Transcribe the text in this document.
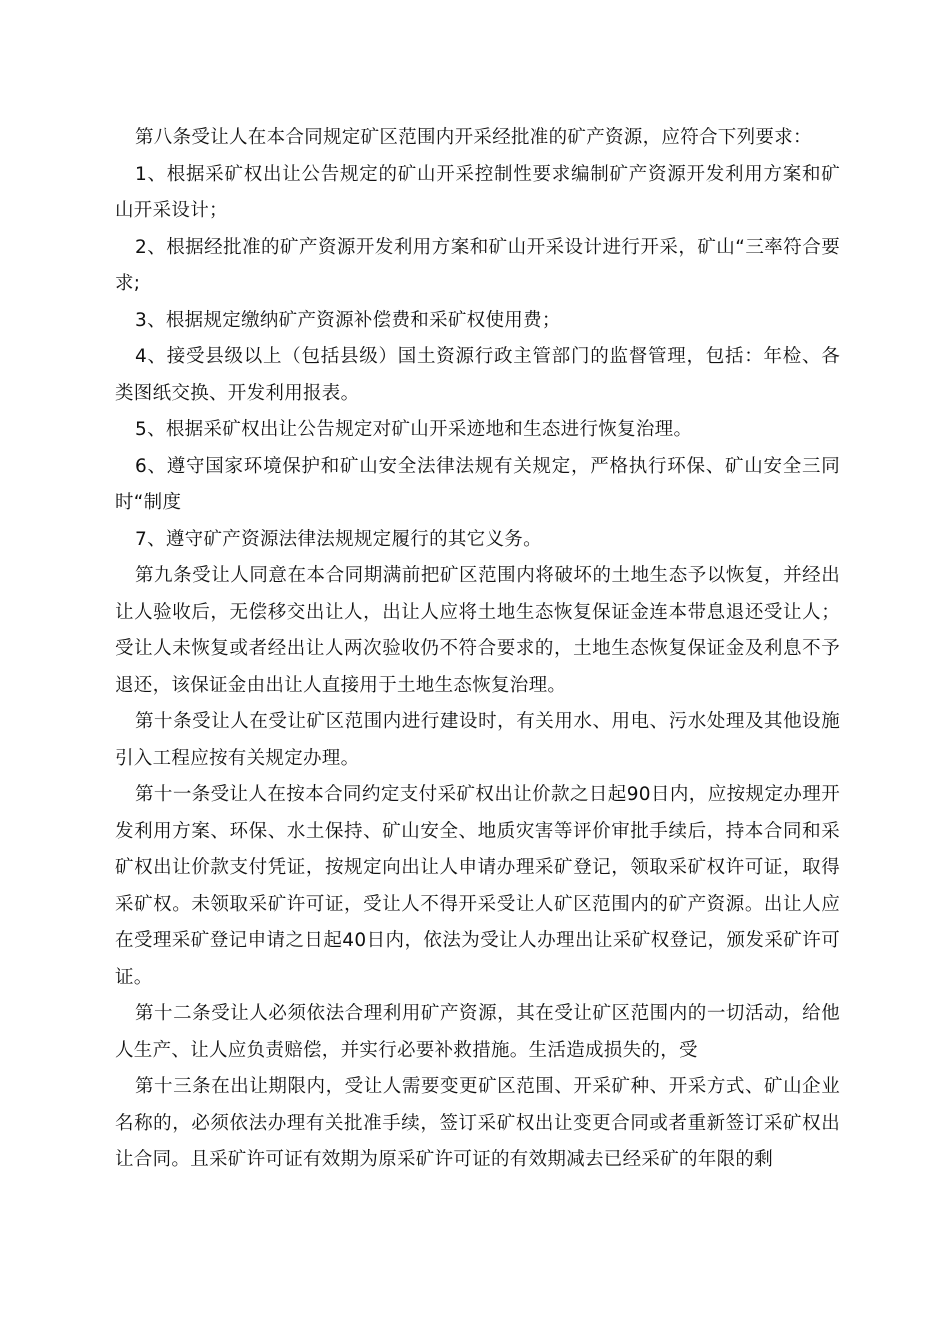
第八条受让人在本合同规定矿区范围内开采经批准的矿产资源，应符合下列要求：

1、根据采矿权出让公告规定的矿山开采控制性要求编制矿产资源开发利用方案和矿山开采设计；

2、根据经批准的矿产资源开发利用方案和矿山开采设计进行开采，矿山“三率符合要求;

3、根据规定缴纳矿产资源补偿费和采矿权使用费；

4、接受县级以上（包括县级）国土资源行政主管部门的监督管理，包括：年检、各类图纸交换、开发利用报表。

5、根据采矿权出让公告规定对矿山开采迹地和生态进行恢复治理。

6、遵守国家环境保护和矿山安全法律法规有关规定，严格执行环保、矿山安全三同时“制度

7、遵守矿产资源法律法规规定履行的其它义务。

第九条受让人同意在本合同期满前把矿区范围内将破坏的土地生态予以恢复，并经出让人验收后，无偿移交出让人，出让人应将土地生态恢复保证金连本带息退还受让人；受让人未恢复或者经出让人两次验收仍不符合要求的，土地生态恢复保证金及利息不予退还，该保证金由出让人直接用于土地生态恢复治理。

第十条受让人在受让矿区范围内进行建设时，有关用水、用电、污水处理及其他设施引入工程应按有关规定办理。

第十一条受让人在按本合同约定支付采矿权出让价款之日起90日内，应按规定办理开发利用方案、环保、水土保持、矿山安全、地质灾害等评价审批手续后，持本合同和采矿权出让价款支付凭证，按规定向出让人申请办理采矿登记，领取采矿权许可证，取得采矿权。未领取采矿许可证，受让人不得开采受让人矿区范围内的矿产资源。出让人应在受理采矿登记申请之日起40日内，依法为受让人办理出让采矿权登记，颁发采矿许可证。

第十二条受让人必须依法合理利用矿产资源，其在受让矿区范围内的一切活动，给他人生产、让人应负责赔偿，并实行必要补救措施。生活造成损失的，受

第十三条在出让期限内，受让人需要变更矿区范围、开采矿种、开采方式、矿山企业名称的，必须依法办理有关批准手续，签订采矿权出让变更合同或者重新签订采矿权出让合同。且采矿许可证有效期为原采矿许可证的有效期减去已经采矿的年限的剩
